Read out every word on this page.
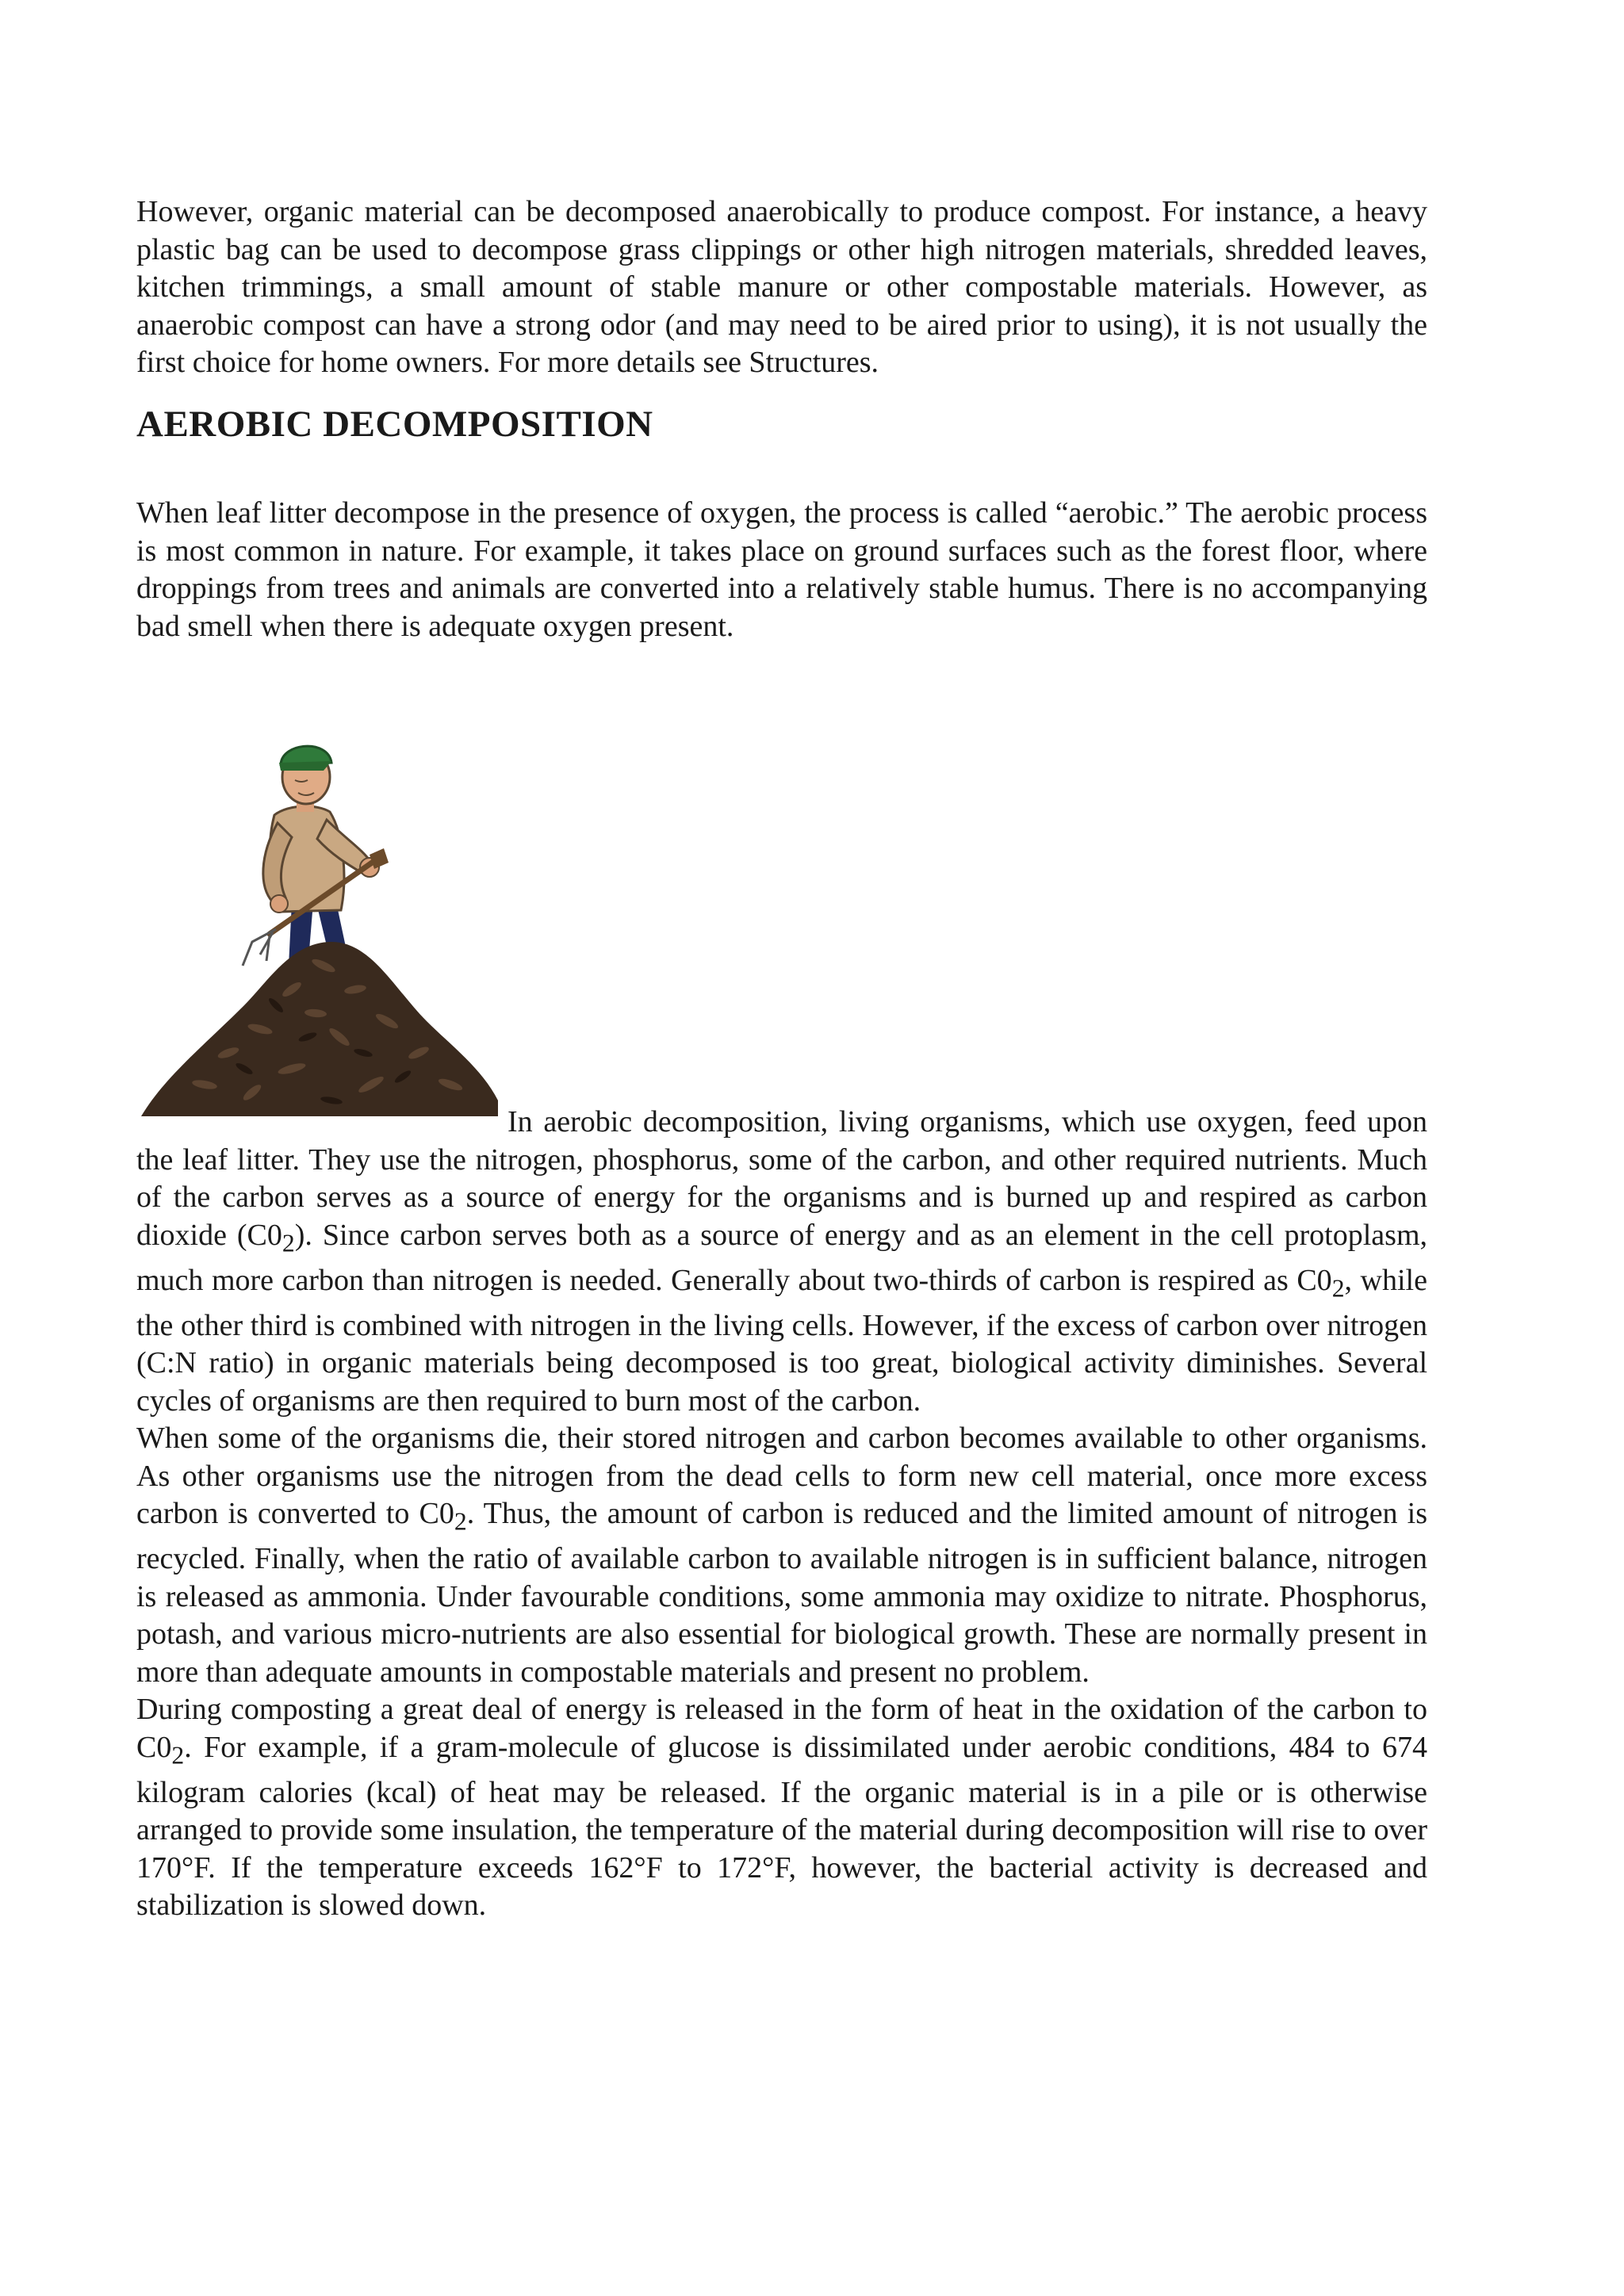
However, organic material can be decomposed anaerobically to produce compost. For instance, a heavy plastic bag can be used to decompose grass clippings or other high nitrogen materials, shredded leaves, kitchen trimmings, a small amount of stable manure or other compostable materials. However, as anaerobic compost can have a strong odor (and may need to be aired prior to using), it is not usually the first choice for home owners. For more details see Structures.

AEROBIC DECOMPOSITION

When leaf litter decompose in the presence of oxygen, the process is called “aerobic.” The aerobic process is most common in nature. For example, it takes place on ground surfaces such as the forest floor, where droppings from trees and animals are converted into a relatively stable humus. There is no accompanying bad smell when there is adequate oxygen present.

In aerobic decomposition, living organisms, which use oxygen, feed upon the leaf litter. They use the nitrogen, phosphorus, some of the carbon, and other required nutrients. Much of the carbon serves as a source of energy for the organisms and is burned up and respired as carbon dioxide $(C0_2)$. Since carbon serves both as a source of energy and as an element in the cell protoplasm, much more carbon than nitrogen is needed. Generally about two-thirds of carbon is respired as $C0_2$, while the other third is combined with nitrogen in the living cells. However, if the excess of carbon over nitrogen (C:N ratio) in organic materials being decomposed is too great, biological activity diminishes. Several cycles of organisms are then required to burn most of the carbon.
When some of the organisms die, their stored nitrogen and carbon becomes available to other organisms. As other organisms use the nitrogen from the dead cells to form new cell material, once more excess carbon is converted to $C0_2$. Thus, the amount of carbon is reduced and the limited amount of nitrogen is recycled. Finally, when the ratio of available carbon to available nitrogen is in sufficient balance, nitrogen is released as ammonia. Under favourable conditions, some ammonia may oxidize to nitrate. Phosphorus, potash, and various micro-nutrients are also essential for biological growth. These are normally present in more than adequate amounts in compostable materials and present no problem.
During composting a great deal of energy is released in the form of heat in the oxidation of the carbon to $C0_2$. For example, if a gram-molecule of glucose is dissimilated under aerobic conditions, 484 to 674 kilogram calories (kcal) of heat may be released. If the organic material is in a pile or is otherwise arranged to provide some insulation, the temperature of the material during decomposition will rise to over 170°F. If the temperature exceeds 162°F to 172°F, however, the bacterial activity is decreased and stabilization is slowed down.
